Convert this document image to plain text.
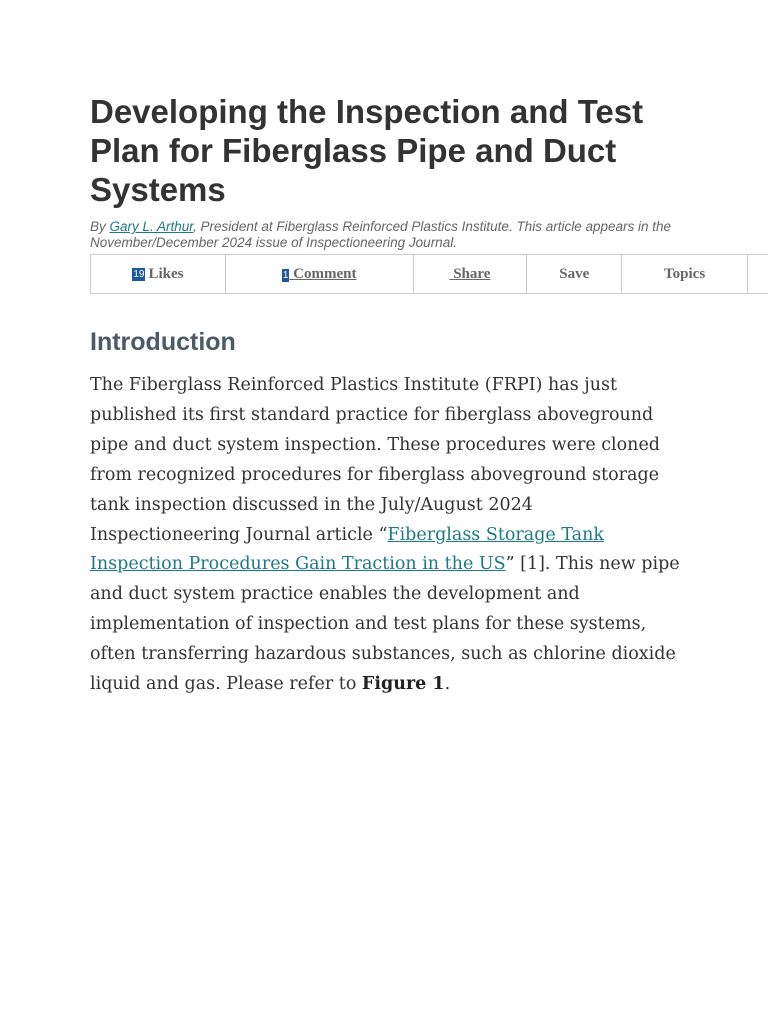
Developing the Inspection and Test Plan for Fiberglass Pipe and Duct Systems
By Gary L. Arthur, President at Fiberglass Reinforced Plastics Institute. This article appears in the November/December 2024 issue of Inspectioneering Journal.
19 Likes	1 Comment	Share	Save	Topics
Introduction

The Fiberglass Reinforced Plastics Institute (FRPI) has just published its first standard practice for fiberglass aboveground pipe and duct system inspection. These procedures were cloned from recognized procedures for fiberglass aboveground storage tank inspection discussed in the July/August 2024 Inspectioneering Journal article “Fiberglass Storage Tank Inspection Procedures Gain Traction in the US” [1]. This new pipe and duct system practice enables the development and implementation of inspection and test plans for these systems, often transferring hazardous substances, such as chlorine dioxide liquid and gas. Please refer to Figure 1.
